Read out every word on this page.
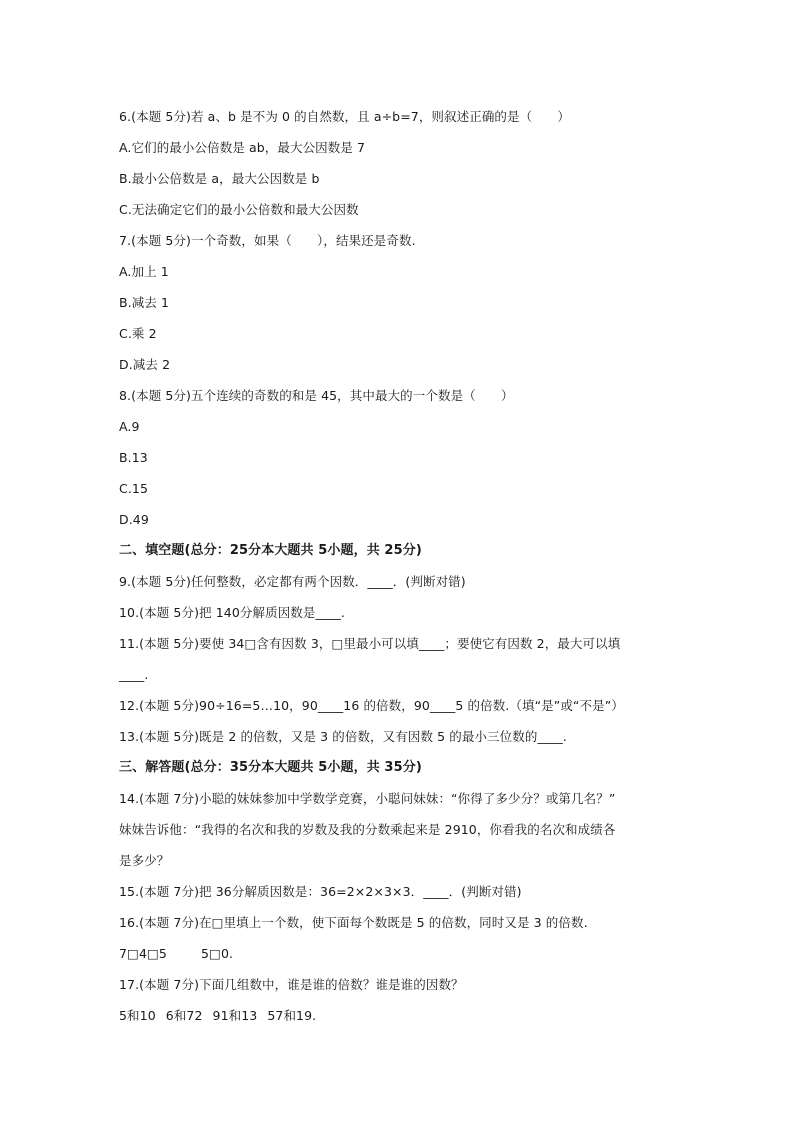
6.(本题 5分)若 a、b 是不为 0 的自然数，且 a÷b=7，则叙述正确的是（　　）
A.它们的最小公倍数是 ab，最大公因数是 7
B.最小公倍数是 a，最大公因数是 b
C.无法确定它们的最小公倍数和最大公因数
7.(本题 5分)一个奇数，如果（　　），结果还是奇数.
A.加上 1
B.减去 1
C.乘 2
D.减去 2
8.(本题 5分)五个连续的奇数的和是 45，其中最大的一个数是（　　）
A.9
B.13
C.15
D.49
二、填空题(总分：25分本大题共 5小题，共 25分)
9.(本题 5分)任何整数，必定都有两个因数．____．(判断对错)
10.(本题 5分)把 140分解质因数是____.
11.(本题 5分)要使 34□含有因数 3，□里最小可以填____；要使它有因数 2，最大可以填
____.
12.(本题 5分)90÷16=5…10，90____16 的倍数，90____5 的倍数.（填“是”或“不是”）
13.(本题 5分)既是 2 的倍数，又是 3 的倍数，又有因数 5 的最小三位数的____.
三、解答题(总分：35分本大题共 5小题，共 35分)
14.(本题 7分)小聪的妹妹参加中学数学竞赛，小聪问妹妹：“你得了多少分？或第几名？”
妹妹告诉他：“我得的名次和我的岁数及我的分数乘起来是 2910，你看我的名次和成绩各
是多少？
15.(本题 7分)把 36分解质因数是：36=2×2×3×3．____．(判断对错)
16.(本题 7分)在□里填上一个数，使下面每个数既是 5 的倍数，同时又是 3 的倍数.
7□4□5	5□0.
17.(本题 7分)下面几组数中，谁是谁的倍数？谁是谁的因数？
5和10 6和72 91和13 57和19.
